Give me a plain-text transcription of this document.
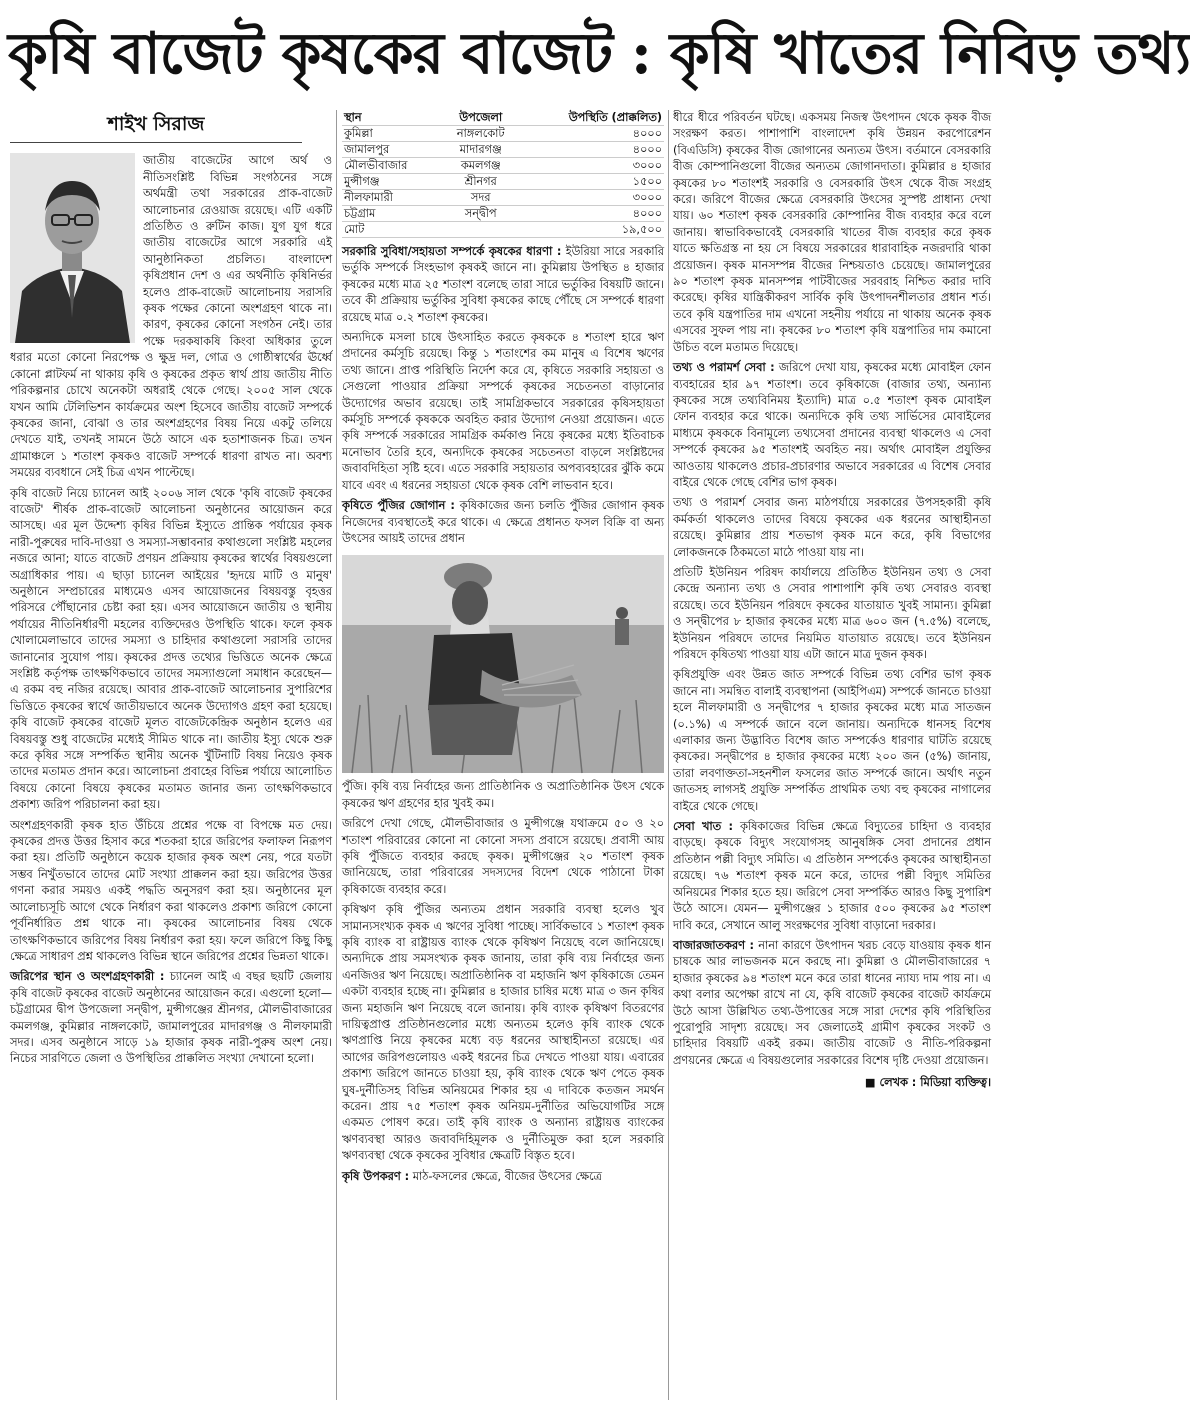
কৃষি বাজেট কৃষকের বাজেট : কৃষি খাতের নিবিড় তথ্য
শাইখ সিরাজ

জাতীয় বাজেটের আগে অর্থ ও নীতিসংশ্লিষ্ট বিভিন্ন সংগঠনের সঙ্গে অর্থমন্ত্রী তথা সরকারের প্রাক-বাজেট আলোচনার রেওয়াজ রয়েছে। এটি একটি প্রতিষ্ঠিত ও রুটিন কাজ। যুগ যুগ ধরে জাতীয় বাজেটের আগে সরকারি এই আনুষ্ঠানিকতা প্রচলিত। বাংলাদেশ কৃষিপ্রধান দেশ ও এর অর্থনীতি কৃষিনির্ভর হলেও প্রাক-বাজেট আলোচনায় সরাসরি কৃষক পক্ষের কোনো অংশগ্রহণ থাকে না। কারণ, কৃষকের কোনো সংগঠন নেই। তার পক্ষে দরকষাকষি কিংবা অধিকার তুলে ধরার মতো কোনো নিরপেক্ষ ও ক্ষুদ্র দল, গোত্র ও গোষ্ঠীস্বার্থের ঊর্ধ্বে কোনো প্লাটফর্ম না থাকায় কৃষি ও কৃষকের প্রকৃত স্বার্থ প্রায় জাতীয় নীতি পরিকল্পনার চোখে অনেকটা অধরাই থেকে গেছে। ২০০৫ সাল থেকে যখন আমি টেলিভিশন কার্যক্রমের অংশ হিসেবে জাতীয় বাজেট সম্পর্কে কৃষকের জানা, বোঝা ও তার অংশগ্রহণের বিষয় নিয়ে একটু তলিয়ে দেখতে যাই, তখনই সামনে উঠে আসে এক হতাশাজনক চিত্র। তখন গ্রামাঞ্চলে ১ শতাংশ কৃষকও বাজেট সম্পর্কে ধারণা রাখত না। অবশ্য সময়ের ব্যবধানে সেই চিত্র এখন পাল্টেছে।

কৃষি বাজেট নিয়ে চ্যানেল আই ২০০৬ সাল থেকে 'কৃষি বাজেট কৃষকের বাজেট' শীর্ষক প্রাক-বাজেট আলোচনা অনুষ্ঠানের আয়োজন করে আসছে। এর মূল উদ্দেশ্য কৃষির বিভিন্ন ইস্যুতে প্রান্তিক পর্যায়ের কৃষক নারী-পুরুষের দাবি-দাওয়া ও সমস্যা-সম্ভাবনার কথাগুলো সংশ্লিষ্ট মহলের নজরে আনা; যাতে বাজেট প্রণয়ন প্রক্রিয়ায় কৃষকের স্বার্থের বিষয়গুলো অগ্রাধিকার পায়। এ ছাড়া চ্যানেল আইয়ের 'হৃদয়ে মাটি ও মানুষ' অনুষ্ঠানে সম্প্রচারের মাধ্যমেও এসব আয়োজনের বিষয়বস্তু বৃহত্তর পরিসরে পৌঁছানোর চেষ্টা করা হয়। এসব আয়োজনে জাতীয় ও স্থানীয় পর্যায়ের নীতিনির্ধারণী মহলের ব্যক্তিদেরও উপস্থিতি থাকে। ফলে কৃষক খোলামেলাভাবে তাদের সমস্যা ও চাহিদার কথাগুলো সরাসরি তাদের জানানোর সুযোগ পায়। কৃষকের প্রদত্ত তথ্যের ভিত্তিতে অনেক ক্ষেত্রে সংশ্লিষ্ট কর্তৃপক্ষ তাৎক্ষণিকভাবে তাদের সমস্যাগুলো সমাধান করেছেন— এ রকম বহু নজির রয়েছে। আবার প্রাক-বাজেট আলোচনার সুপারিশের ভিত্তিতে কৃষকের স্বার্থে জাতীয়ভাবে অনেক উদ্যোগও গ্রহণ করা হয়েছে। কৃষি বাজেট কৃষকের বাজেট মূলত বাজেটকেন্দ্রিক অনুষ্ঠান হলেও এর বিষয়বস্তু শুধু বাজেটের মধ্যেই সীমিত থাকে না। জাতীয় ইস্যু থেকে শুরু করে কৃষির সঙ্গে সম্পর্কিত স্থানীয় অনেক খুঁটিনাটি বিষয় নিয়েও কৃষক তাদের মতামত প্রদান করে। আলোচনা প্রবাহের বিভিন্ন পর্যায়ে আলোচিত বিষয়ে কোনো বিষয়ে কৃষকের মতামত জানার জন্য তাৎক্ষণিকভাবে প্রকাশ্য জরিপ পরিচালনা করা হয়।

অংশগ্রহণকারী কৃষক হাত উঁচিয়ে প্রশ্নের পক্ষে বা বিপক্ষে মত দেয়। কৃষকের প্রদত্ত উত্তর হিসাব করে শতকরা হারে জরিপের ফলাফল নিরূপণ করা হয়। প্রতিটি অনুষ্ঠানে কয়েক হাজার কৃষক অংশ নেয়, পরে যতটা সম্ভব নিখুঁতভাবে তাদের মোট সংখ্যা প্রাক্কলন করা হয়। জরিপের উত্তর গণনা করার সময়ও একই পদ্ধতি অনুসরণ করা হয়। অনুষ্ঠানের মূল আলোচ্যসূচি আগে থেকে নির্ধারণ করা থাকলেও প্রকাশ্য জরিপে কোনো পূর্বনির্ধারিত প্রশ্ন থাকে না। কৃষকের আলোচনার বিষয় থেকে তাৎক্ষণিকভাবে জরিপের বিষয় নির্ধারণ করা হয়। ফলে জরিপে কিছু কিছু ক্ষেত্রে সাধারণ প্রশ্ন থাকলেও বিভিন্ন স্থানে জরিপের প্রশ্নের ভিন্নতা থাকে।

জরিপের স্থান ও অংশগ্রহণকারী : চ্যানেল আই এ বছর ছয়টি জেলায় কৃষি বাজেট কৃষকের বাজেট অনুষ্ঠানের আয়োজন করে। এগুলো হলো— চট্টগ্রামের দ্বীপ উপজেলা সন্দ্বীপ, মুন্সীগঞ্জের শ্রীনগর, মৌলভীবাজারের কমলগঞ্জ, কুমিল্লার নাঙ্গলকোট, জামালপুরের মাদারগঞ্জ ও নীলফামারী সদর। এসব অনুষ্ঠানে সাড়ে ১৯ হাজার কৃষক নারী-পুরুষ অংশ নেয়। নিচের সারণিতে জেলা ও উপস্থিতির প্রাক্কলিত সংখ্যা দেখানো হলো।

স্থান	উপজেলা	উপস্থিতি (প্রাক্কলিত)
কুমিল্লা	নাঙ্গলকোট	৪০০০
জামালপুর	মাদারগঞ্জ	৪০০০
মৌলভীবাজার	কমলগঞ্জ	৩০০০
মুন্সীগঞ্জ	শ্রীনগর	১৫০০
নীলফামারী	সদর	৩০০০
চট্টগ্রাম	সন্দ্বীপ	৪০০০
মোট		১৯,৫০০

সরকারি সুবিধা/সহায়তা সম্পর্কে কৃষকের ধারণা : ইউরিয়া সারে সরকারি ভর্তুকি সম্পর্কে সিংহভাগ কৃষকই জানে না। কুমিল্লায় উপস্থিত ৪ হাজার কৃষকের মধ্যে মাত্র ২৫ শতাংশ বলেছে তারা সারে ভর্তুকির বিষয়টি জানে। তবে কী প্রক্রিয়ায় ভর্তুকির সুবিধা কৃষকের কাছে পৌঁছে সে সম্পর্কে ধারণা রয়েছে মাত্র ০.২ শতাংশ কৃষকের।

অন্যদিকে মসলা চাষে উৎসাহিত করতে কৃষককে ৪ শতাংশ হারে ঋণ প্রদানের কর্মসূচি রয়েছে। কিন্তু ১ শতাংশের কম মানুষ এ বিশেষ ঋণের তথ্য জানে। প্রাপ্ত পরিস্থিতি নির্দেশ করে যে, কৃষিতে সরকারি সহায়তা ও সেগুলো পাওয়ার প্রক্রিয়া সম্পর্কে কৃষকের সচেতনতা বাড়ানোর উদ্যোগের অভাব রয়েছে। তাই সামগ্রিকভাবে সরকারের কৃষিসহায়তা কর্মসূচি সম্পর্কে কৃষককে অবহিত করার উদ্যোগ নেওয়া প্রয়োজন। এতে কৃষি সম্পর্কে সরকারের সামগ্রিক কর্মকাণ্ড নিয়ে কৃষকের মধ্যে ইতিবাচক মনোভাব তৈরি হবে, অন্যদিকে কৃষকের সচেতনতা বাড়লে সংশ্লিষ্টদের জবাবদিহিতা সৃষ্টি হবে। এতে সরকারি সহায়তার অপব্যবহারের ঝুঁকি কমে যাবে এবং এ ধরনের সহায়তা থেকে কৃষক বেশি লাভবান হবে।

কৃষিতে পুঁজির জোগান : কৃষিকাজের জন্য চলতি পুঁজির জোগান কৃষক নিজেদের ব্যবস্থাতেই করে থাকে। এ ক্ষেত্রে প্রধানত ফসল বিক্রি বা অন্য উৎসের আয়ই তাদের প্রধান

পুঁজি। কৃষি ব্যয় নির্বাহের জন্য প্রাতিষ্ঠানিক ও অপ্রাতিষ্ঠানিক উৎস থেকে কৃষকের ঋণ গ্রহণের হার খুবই কম।

জরিপে দেখা গেছে, মৌলভীবাজার ও মুন্সীগঞ্জে যথাক্রমে ৫০ ও ২০ শতাংশ পরিবারের কোনো না কোনো সদস্য প্রবাসে রয়েছে। প্রবাসী আয় কৃষি পুঁজিতে ব্যবহার করছে কৃষক। মুন্সীগঞ্জের ২০ শতাংশ কৃষক জানিয়েছে, তারা পরিবারের সদস্যদের বিদেশ থেকে পাঠানো টাকা কৃষিকাজে ব্যবহার করে।

কৃষিঋণ কৃষি পুঁজির অন্যতম প্রধান সরকারি ব্যবস্থা হলেও খুব সামান্যসংখ্যক কৃষক এ ঋণের সুবিধা পাচ্ছে। সার্বিকভাবে ১ শতাংশ কৃষক কৃষি ব্যাংক বা রাষ্ট্রায়ত্ত ব্যাংক থেকে কৃষিঋণ নিয়েছে বলে জানিয়েছে। অন্যদিকে প্রায় সমসংখ্যক কৃষক জানায়, তারা কৃষি ব্যয় নির্বাহের জন্য এনজিওর ঋণ নিয়েছে। অপ্রাতিষ্ঠানিক বা মহাজনি ঋণ কৃষিকাজে তেমন একটা ব্যবহার হচ্ছে না। কুমিল্লার ৪ হাজার চাষির মধ্যে মাত্র ৩ জন কৃষির জন্য মহাজনি ঋণ নিয়েছে বলে জানায়। কৃষি ব্যাংক কৃষিঋণ বিতরণের দায়িত্বপ্রাপ্ত প্রতিষ্ঠানগুলোর মধ্যে অন্যতম হলেও কৃষি ব্যাংক থেকে ঋণপ্রাপ্তি নিয়ে কৃষকের মধ্যে বড় ধরনের আস্থাহীনতা রয়েছে। এর আগের জরিপগুলোয়ও একই ধরনের চিত্র দেখতে পাওয়া যায়। এবারের প্রকাশ্য জরিপে জানতে চাওয়া হয়, কৃষি ব্যাংক থেকে ঋণ পেতে কৃষক ঘুষ-দুর্নীতিসহ বিভিন্ন অনিয়মের শিকার হয় এ দাবিকে কতজন সমর্থন করেন। প্রায় ৭৫ শতাংশ কৃষক অনিয়ম-দুর্নীতির অভিযোগটির সঙ্গে একমত পোষণ করে। তাই কৃষি ব্যাংক ও অন্যান্য রাষ্ট্রায়ত্ত ব্যাংকের ঋণব্যবস্থা আরও জবাবদিহিমূলক ও দুর্নীতিমুক্ত করা হলে সরকারি ঋণব্যবস্থা থেকে কৃষকের সুবিধার ক্ষেত্রটি বিস্তৃত হবে।

কৃষি উপকরণ : মাঠ-ফসলের ক্ষেত্রে, বীজের উৎসের ক্ষেত্রে

ধীরে ধীরে পরিবর্তন ঘটছে। একসময় নিজস্ব উৎপাদন থেকে কৃষক বীজ সংরক্ষণ করত। পাশাপাশি বাংলাদেশ কৃষি উন্নয়ন করপোরেশন (বিএডিসি) কৃষকের বীজ জোগানের অন্যতম উৎস। বর্তমানে বেসরকারি বীজ কোম্পানিগুলো বীজের অন্যতম জোগানদাতা। কুমিল্লার ৪ হাজার কৃষকের ৮০ শতাংশই সরকারি ও বেসরকারি উৎস থেকে বীজ সংগ্রহ করে। জরিপে বীজের ক্ষেত্রে বেসরকারি উৎসের সুস্পষ্ট প্রাধান্য দেখা যায়। ৬০ শতাংশ কৃষক বেসরকারি কোম্পানির বীজ ব্যবহার করে বলে জানায়। স্বাভাবিকভাবেই বেসরকারি খাতের বীজ ব্যবহার করে কৃষক যাতে ক্ষতিগ্রস্ত না হয় সে বিষয়ে সরকারের ধারাবাহিক নজরদারি থাকা প্রয়োজন। কৃষক মানসম্পন্ন বীজের নিশ্চয়তাও চেয়েছে। জামালপুরের ৯০ শতাংশ কৃষক মানসম্পন্ন পাটবীজের সরবরাহ নিশ্চিত করার দাবি করেছে। কৃষির যান্ত্রিকীকরণ সার্বিক কৃষি উৎপাদনশীলতার প্রধান শর্ত। তবে কৃষি যন্ত্রপাতির দাম এখনো সহনীয় পর্যায়ে না থাকায় অনেক কৃষক এসবের সুফল পায় না। কৃষকের ৮০ শতাংশ কৃষি যন্ত্রপাতির দাম কমানো উচিত বলে মতামত দিয়েছে।

তথ্য ও পরামর্শ সেবা : জরিপে দেখা যায়, কৃষকের মধ্যে মোবাইল ফোন ব্যবহারের হার ৯৭ শতাংশ। তবে কৃষিকাজে (বাজার তথ্য, অন্যান্য কৃষকের সঙ্গে তথ্যবিনিময় ইত্যাদি) মাত্র ০.৫ শতাংশ কৃষক মোবাইল ফোন ব্যবহার করে থাকে। অন্যদিকে কৃষি তথ্য সার্ভিসের মোবাইলের মাধ্যমে কৃষককে বিনামূল্যে তথ্যসেবা প্রদানের ব্যবস্থা থাকলেও এ সেবা সম্পর্কে কৃষকের ৯৫ শতাংশই অবহিত নয়। অর্থাৎ মোবাইল প্রযুক্তির আওতায় থাকলেও প্রচার-প্রচারণার অভাবে সরকারের এ বিশেষ সেবার বাইরে থেকে গেছে বেশির ভাগ কৃষক।

তথ্য ও পরামর্শ সেবার জন্য মাঠপর্যায়ে সরকারের উপসহকারী কৃষি কর্মকর্তা থাকলেও তাদের বিষয়ে কৃষকের এক ধরনের আস্থাহীনতা রয়েছে। কুমিল্লার প্রায় শতভাগ কৃষক মনে করে, কৃষি বিভাগের লোকজনকে ঠিকমতো মাঠে পাওয়া যায় না।

প্রতিটি ইউনিয়ন পরিষদ কার্যালয়ে প্রতিষ্ঠিত ইউনিয়ন তথ্য ও সেবা কেন্দ্রে অন্যান্য তথ্য ও সেবার পাশাপাশি কৃষি তথ্য সেবারও ব্যবস্থা রয়েছে। তবে ইউনিয়ন পরিষদে কৃষকের যাতায়াত খুবই সামান্য। কুমিল্লা ও সন্দ্বীপের ৮ হাজার কৃষকের মধ্যে মাত্র ৬০০ জন (৭.৫%) বলেছে, ইউনিয়ন পরিষদে তাদের নিয়মিত যাতায়াত রয়েছে। তবে ইউনিয়ন পরিষদে কৃষিতথ্য পাওয়া যায় এটা জানে মাত্র দুজন কৃষক।

কৃষিপ্রযুক্তি এবং উন্নত জাত সম্পর্কে বিভিন্ন তথ্য বেশির ভাগ কৃষক জানে না। সমন্বিত বালাই ব্যবস্থাপনা (আইপিএম) সম্পর্কে জানতে চাওয়া হলে নীলফামারী ও সন্দ্বীপের ৭ হাজার কৃষকের মধ্যে মাত্র সাতজন (০.১%) এ সম্পর্কে জানে বলে জানায়। অন্যদিকে ধানসহ বিশেষ এলাকার জন্য উদ্ভাবিত বিশেষ জাত সম্পর্কেও ধারণার ঘাটতি রয়েছে কৃষকের। সন্দ্বীপের ৪ হাজার কৃষকের মধ্যে ২০০ জন (৫%) জানায়, তারা লবণাক্ততা-সহনশীল ফসলের জাত সম্পর্কে জানে। অর্থাৎ নতুন জাতসহ লাগসই প্রযুক্তি সম্পর্কিত প্রাথমিক তথ্য বহু কৃষকের নাগালের বাইরে থেকে গেছে।

সেবা খাত : কৃষিকাজের বিভিন্ন ক্ষেত্রে বিদ্যুতের চাহিদা ও ব্যবহার বাড়ছে। কৃষকে বিদ্যুৎ সংযোগসহ আনুষঙ্গিক সেবা প্রদানের প্রধান প্রতিষ্ঠান পল্লী বিদ্যুৎ সমিতি। এ প্রতিষ্ঠান সম্পর্কেও কৃষকের আস্থাহীনতা রয়েছে। ৭৬ শতাংশ কৃষক মনে করে, তাদের পল্লী বিদ্যুৎ সমিতির অনিয়মের শিকার হতে হয়। জরিপে সেবা সম্পর্কিত আরও কিছু সুপারিশ উঠে আসে। যেমন— মুন্সীগঞ্জের ১ হাজার ৫০০ কৃষকের ৯৫ শতাংশ দাবি করে, সেখানে আলু সংরক্ষণের সুবিধা বাড়ানো দরকার।

বাজারজাতকরণ : নানা কারণে উৎপাদন খরচ বেড়ে যাওয়ায় কৃষক ধান চাষকে আর লাভজনক মনে করছে না। কুমিল্লা ও মৌলভীবাজারের ৭ হাজার কৃষকের ৯৪ শতাংশ মনে করে তারা ধানের ন্যায্য দাম পায় না। এ কথা বলার অপেক্ষা রাখে না যে, কৃষি বাজেট কৃষকের বাজেট কার্যক্রমে উঠে আসা উল্লিখিত তথ্য-উপাত্তের সঙ্গে সারা দেশের কৃষি পরিস্থিতির পুরোপুরি সাদৃশ্য রয়েছে। সব জেলাতেই গ্রামীণ কৃষকের সংকট ও চাহিদার বিষয়টি একই রকম। জাতীয় বাজেট ও নীতি-পরিকল্পনা প্রণয়নের ক্ষেত্রে এ বিষয়গুলোর সরকারের বিশেষ দৃষ্টি দেওয়া প্রয়োজন।

■ লেখক : মিডিয়া ব্যক্তিত্ব।
